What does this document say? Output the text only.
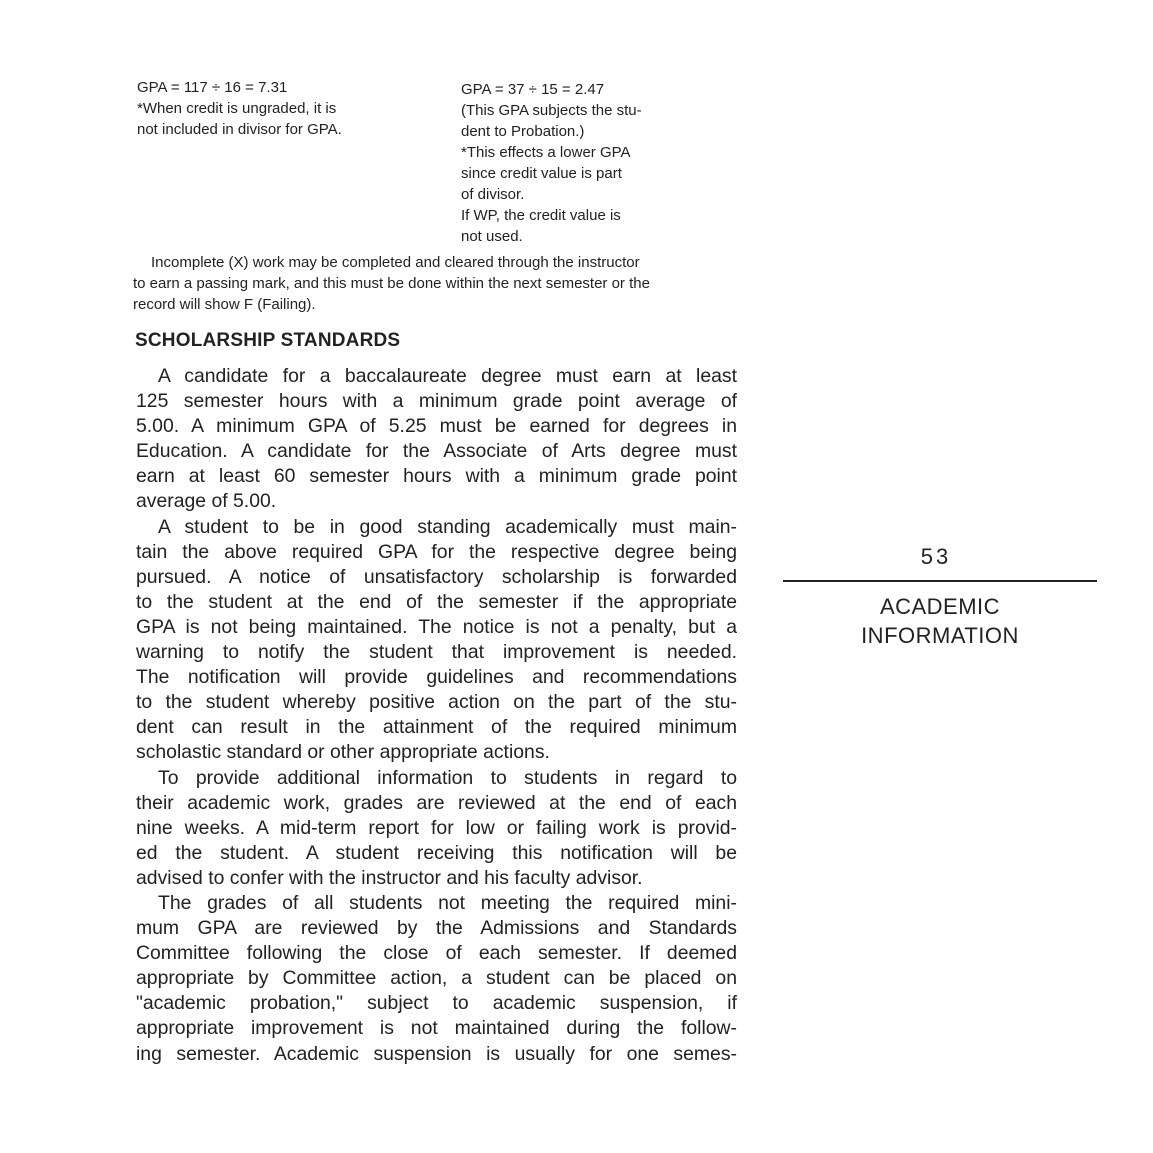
GPA = 117 ÷ 16 = 7.31
*When credit is ungraded, it is
not included in divisor for GPA.
GPA = 37 ÷ 15 = 2.47
(This GPA subjects the stu-
dent to Probation.)
*This effects a lower GPA
since credit value is part
of divisor.
If WP, the credit value is
not used.
Incomplete (X) work may be completed and cleared through the instructor
to earn a passing mark, and this must be done within the next semester or the
record will show F (Failing).
SCHOLARSHIP STANDARDS
A candidate for a baccalaureate degree must earn at least
125 semester hours with a minimum grade point average of
5.00. A minimum GPA of 5.25 must be earned for degrees in
Education. A candidate for the Associate of Arts degree must
earn at least 60 semester hours with a minimum grade point
average of 5.00.
A student to be in good standing academically must main-
tain the above required GPA for the respective degree being
pursued. A notice of unsatisfactory scholarship is forwarded
to the student at the end of the semester if the appropriate
GPA is not being maintained. The notice is not a penalty, but a
warning to notify the student that improvement is needed.
The notification will provide guidelines and recommendations
to the student whereby positive action on the part of the stu-
dent can result in the attainment of the required minimum
scholastic standard or other appropriate actions.
To provide additional information to students in regard to
their academic work, grades are reviewed at the end of each
nine weeks. A mid-term report for low or failing work is provid-
ed the student. A student receiving this notification will be
advised to confer with the instructor and his faculty advisor.
The grades of all students not meeting the required mini-
mum GPA are reviewed by the Admissions and Standards
Committee following the close of each semester. If deemed
appropriate by Committee action, a student can be placed on
"academic probation," subject to academic suspension, if
appropriate improvement is not maintained during the follow-
ing semester. Academic suspension is usually for one semes-
53
ACADEMIC
INFORMATION
